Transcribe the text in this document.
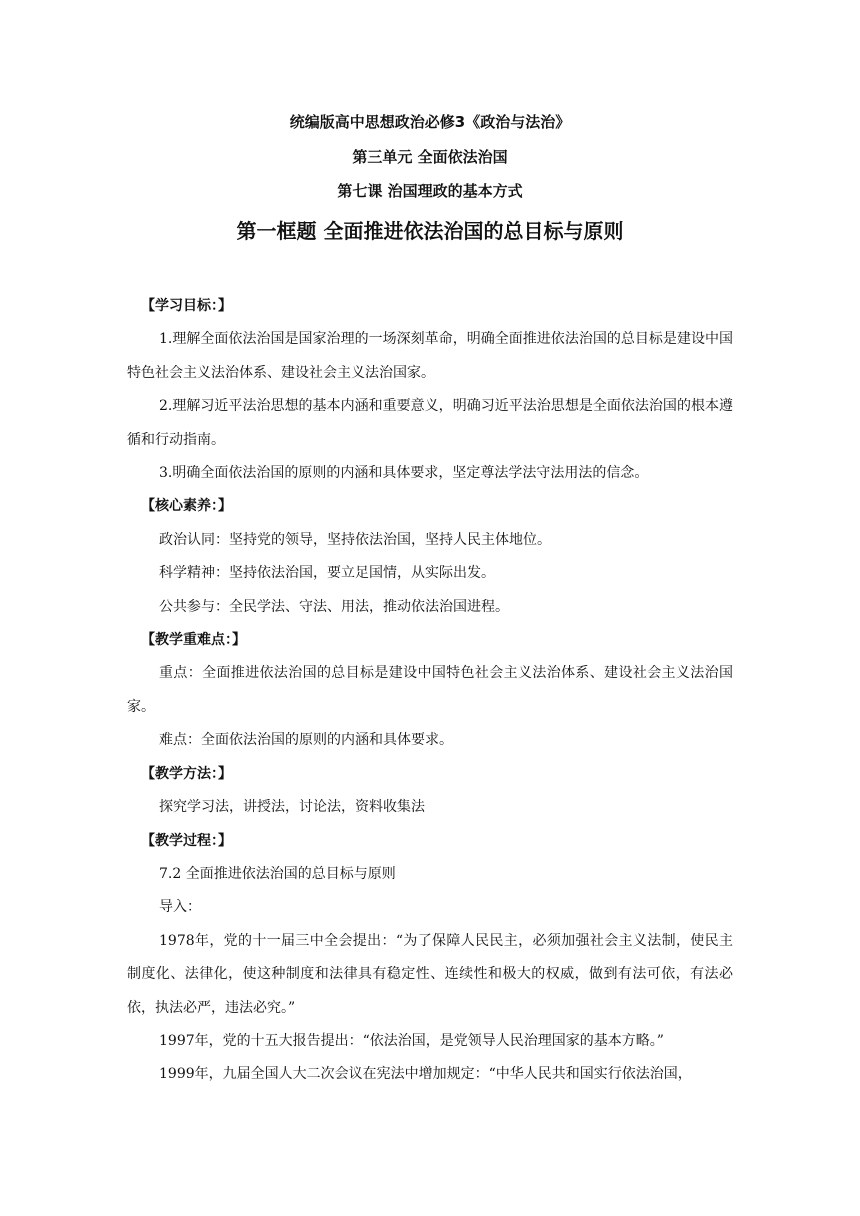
统编版高中思想政治必修3《政治与法治》
第三单元 全面依法治国
第七课 治国理政的基本方式
第一框题 全面推进依法治国的总目标与原则

【学习目标：】

1.理解全面依法治国是国家治理的一场深刻革命，明确全面推进依法治国的总目标是建设中国特色社会主义法治体系、建设社会主义法治国家。

2.理解习近平法治思想的基本内涵和重要意义，明确习近平法治思想是全面依法治国的根本遵循和行动指南。

3.明确全面依法治国的原则的内涵和具体要求，坚定尊法学法守法用法的信念。

【核心素养：】

政治认同：坚持党的领导，坚持依法治国，坚持人民主体地位。

科学精神：坚持依法治国，要立足国情，从实际出发。

公共参与：全民学法、守法、用法，推动依法治国进程。

【教学重难点：】

重点：全面推进依法治国的总目标是建设中国特色社会主义法治体系、建设社会主义法治国家。

难点：全面依法治国的原则的内涵和具体要求。

【教学方法：】

探究学习法，讲授法，讨论法，资料收集法

【教学过程：】

7.2 全面推进依法治国的总目标与原则

导入：

1978年，党的十一届三中全会提出：“为了保障人民民主，必须加强社会主义法制，使民主制度化、法律化，使这种制度和法律具有稳定性、连续性和极大的权威，做到有法可依，有法必依，执法必严，违法必究。”

1997年，党的十五大报告提出：“依法治国，是党领导人民治理国家的基本方略。”

1999年，九届全国人大二次会议在宪法中增加规定：“中华人民共和国实行依法治国，
